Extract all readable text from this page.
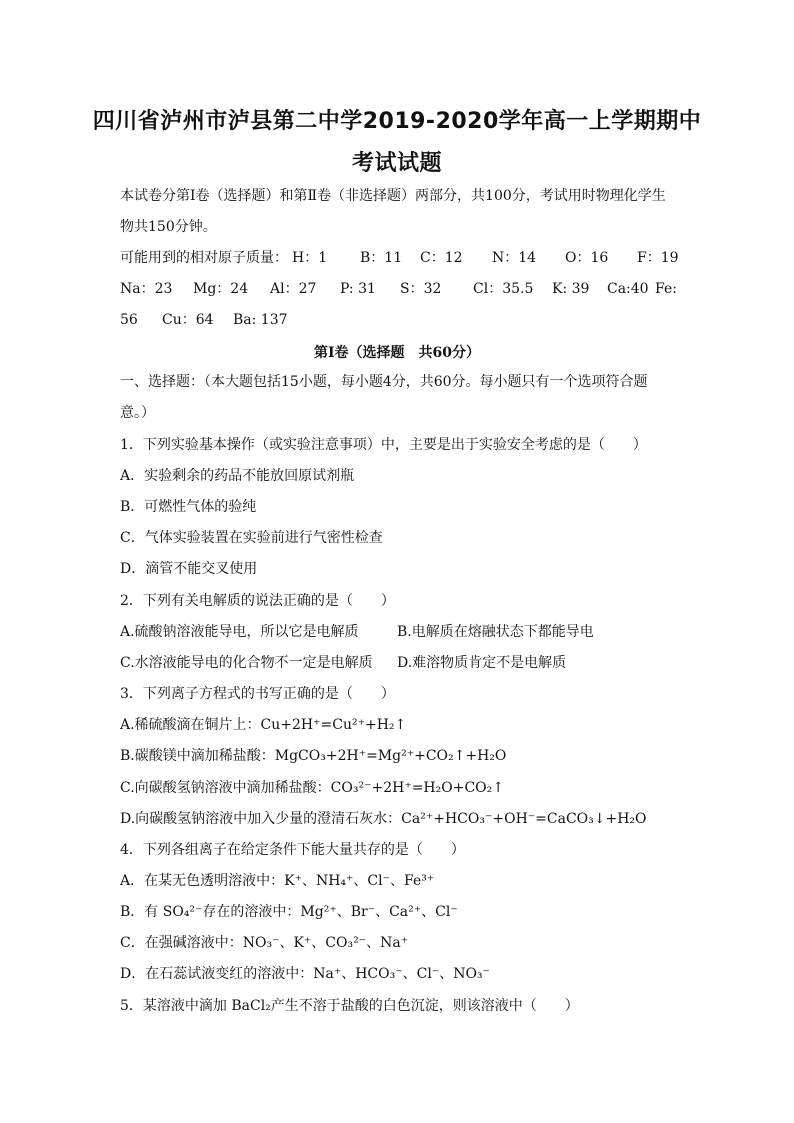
四川省泸州市泸县第二中学2019-2020学年高一上学期期中
考试试题
本试卷分第Ⅰ卷（选择题）和第Ⅱ卷（非选择题）两部分，共100分，考试用时物理化学生
物共150分钟。
可能用到的相对原子质量： H：1 B：11 C：12 N：14 O：16 F：19
Na：23 Mg：24 Al：27 P: 31 S：32 Cl：35.5 K: 39 Ca:40 Fe:
56 Cu：64 Ba: 137
第Ⅰ卷（选择题　共60分）
一、选择题：（本大题包括15小题，每小题4分，共60分。每小题只有一个选项符合题
意。）
1．下列实验基本操作（或实验注意事项）中，主要是出于实验安全考虑的是（　　）
A．实验剩余的药品不能放回原试剂瓶
B．可燃性气体的验纯
C．气体实验装置在实验前进行气密性检查
D．滴管不能交叉使用
2．下列有关电解质的说法正确的是（　　）
A.硫酸钠溶液能导电，所以它是电解质	B.电解质在熔融状态下都能导电
C.水溶液能导电的化合物不一定是电解质 D.难溶物质肯定不是电解质
3．下列离子方程式的书写正确的是（　　）
A.稀硫酸滴在铜片上：Cu+2H⁺=Cu²⁺+H₂↑
B.碳酸镁中滴加稀盐酸：MgCO₃+2H⁺=Mg²⁺+CO₂↑+H₂O
C.向碳酸氢钠溶液中滴加稀盐酸：CO₃²⁻+2H⁺=H₂O+CO₂↑
D.向碳酸氢钠溶液中加入少量的澄清石灰水：Ca²⁺+HCO₃⁻+OH⁻=CaCO₃↓+H₂O
4．下列各组离子在给定条件下能大量共存的是（　　）
A．在某无色透明溶液中：K⁺、NH₄⁺、Cl⁻、Fe³⁺
B．有 SO₄²⁻存在的溶液中：Mg²⁺、Br⁻、Ca²⁺、Cl⁻
C．在强碱溶液中：NO₃⁻、K⁺、CO₃²⁻、Na⁺
D．在石蕊试液变红的溶液中：Na⁺、HCO₃⁻、Cl⁻、NO₃⁻
5．某溶液中滴加 BaCl₂产生不溶于盐酸的白色沉淀，则该溶液中（　　）
